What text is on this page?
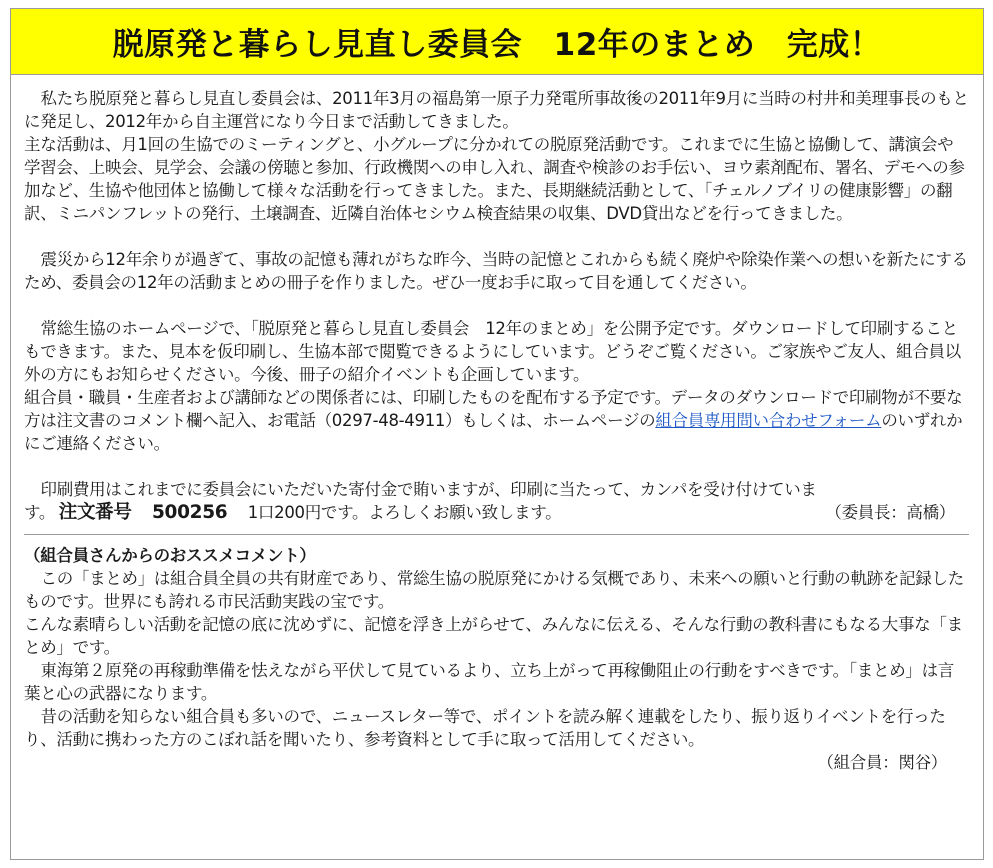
脱原発と暮らし見直し委員会　12年のまとめ　完成！

私たち脱原発と暮らし見直し委員会は、2011年3月の福島第一原子力発電所事故後の2011年9月に当時の村井和美理事長のもとに発足し、2012年から自主運営になり今日まで活動してきました。

主な活動は、月1回の生協でのミーティングと、小グループに分かれての脱原発活動です。これまでに生協と協働して、講演会や学習会、上映会、見学会、会議の傍聴と参加、行政機関への申し入れ、調査や検診のお手伝い、ヨウ素剤配布、署名、デモへの参加など、生協や他団体と協働して様々な活動を行ってきました。また、長期継続活動として、「チェルノブイリの健康影響」の翻訳、ミニパンフレットの発行、土壌調査、近隣自治体セシウム検査結果の収集、DVD貸出などを行ってきました。

震災から12年余りが過ぎて、事故の記憶も薄れがちな昨今、当時の記憶とこれからも続く廃炉や除染作業への想いを新たにするため、委員会の12年の活動まとめの冊子を作りました。ぜひ一度お手に取って目を通してください。

常総生協のホームページで、「脱原発と暮らし見直し委員会　12年のまとめ」を公開予定です。ダウンロードして印刷することもできます。また、見本を仮印刷し、生協本部で閲覧できるようにしています。どうぞご覧ください。ご家族やご友人、組合員以外の方にもお知らせください。今後、冊子の紹介イベントも企画しています。

組合員・職員・生産者および講師などの関係者には、印刷したものを配布する予定です。データのダウンロードで印刷物が不要な方は注文書のコメント欄へ記入、お電話（0297-48-4911）もしくは、ホームページの組合員専用問い合わせフォームのいずれかにご連絡ください。

印刷費用はこれまでに委員会にいただいた寄付金で賄いますが、印刷に当たって、カンパを受け付けていま

す。 注文番号 500256 1口200円です。よろしくお願い致します。	（委員長：高橋）

（組合員さんからのおススメコメント）

この「まとめ」は組合員全員の共有財産であり、常総生協の脱原発にかける気概であり、未来への願いと行動の軌跡を記録したものです。世界にも誇れる市民活動実践の宝です。

こんな素晴らしい活動を記憶の底に沈めずに、記憶を浮き上がらせて、みんなに伝える、そんな行動の教科書にもなる大事な「まとめ」です。

東海第２原発の再稼動準備を怯えながら平伏して見ているより、立ち上がって再稼働阻止の行動をすべきです。「まとめ」は言葉と心の武器になります。

昔の活動を知らない組合員も多いので、ニュースレター等で、ポイントを読み解く連載をしたり、振り返りイベントを行ったり、活動に携わった方のこぼれ話を聞いたり、参考資料として手に取って活用してください。

（組合員：関谷）
